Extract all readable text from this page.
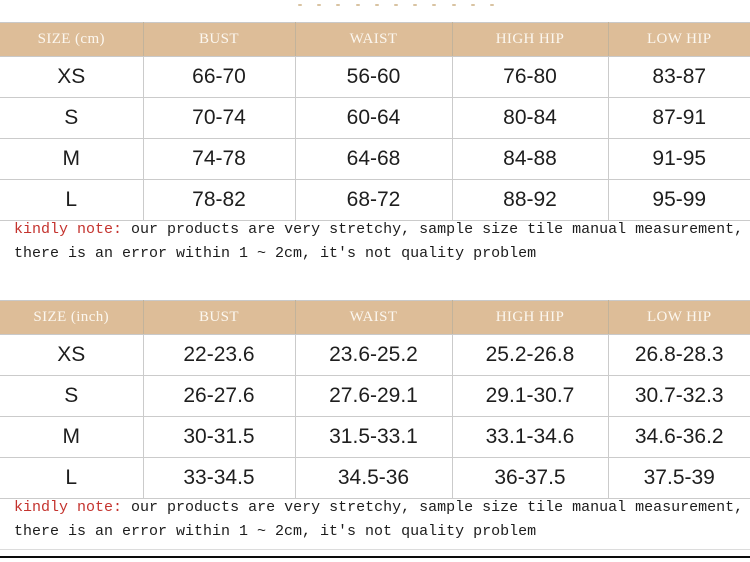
SIZE (cm)	BUST	WAIST	HIGH HIP	LOW HIP
XS	66-70	56-60	76-80	83-87
S	70-74	60-64	80-84	87-91
M	74-78	64-68	84-88	91-95
L	78-82	68-72	88-92	95-99
kindly note: our products are very stretchy, sample size tile manual measurement,
there is an error within 1 ~ 2cm, it's not quality problem
SIZE (inch)	BUST	WAIST	HIGH HIP	LOW HIP
XS	22-23.6	23.6-25.2	25.2-26.8	26.8-28.3
S	26-27.6	27.6-29.1	29.1-30.7	30.7-32.3
M	30-31.5	31.5-33.1	33.1-34.6	34.6-36.2
L	33-34.5	34.5-36	36-37.5	37.5-39
kindly note: our products are very stretchy, sample size tile manual measurement,
there is an error within 1 ~ 2cm, it's not quality problem
